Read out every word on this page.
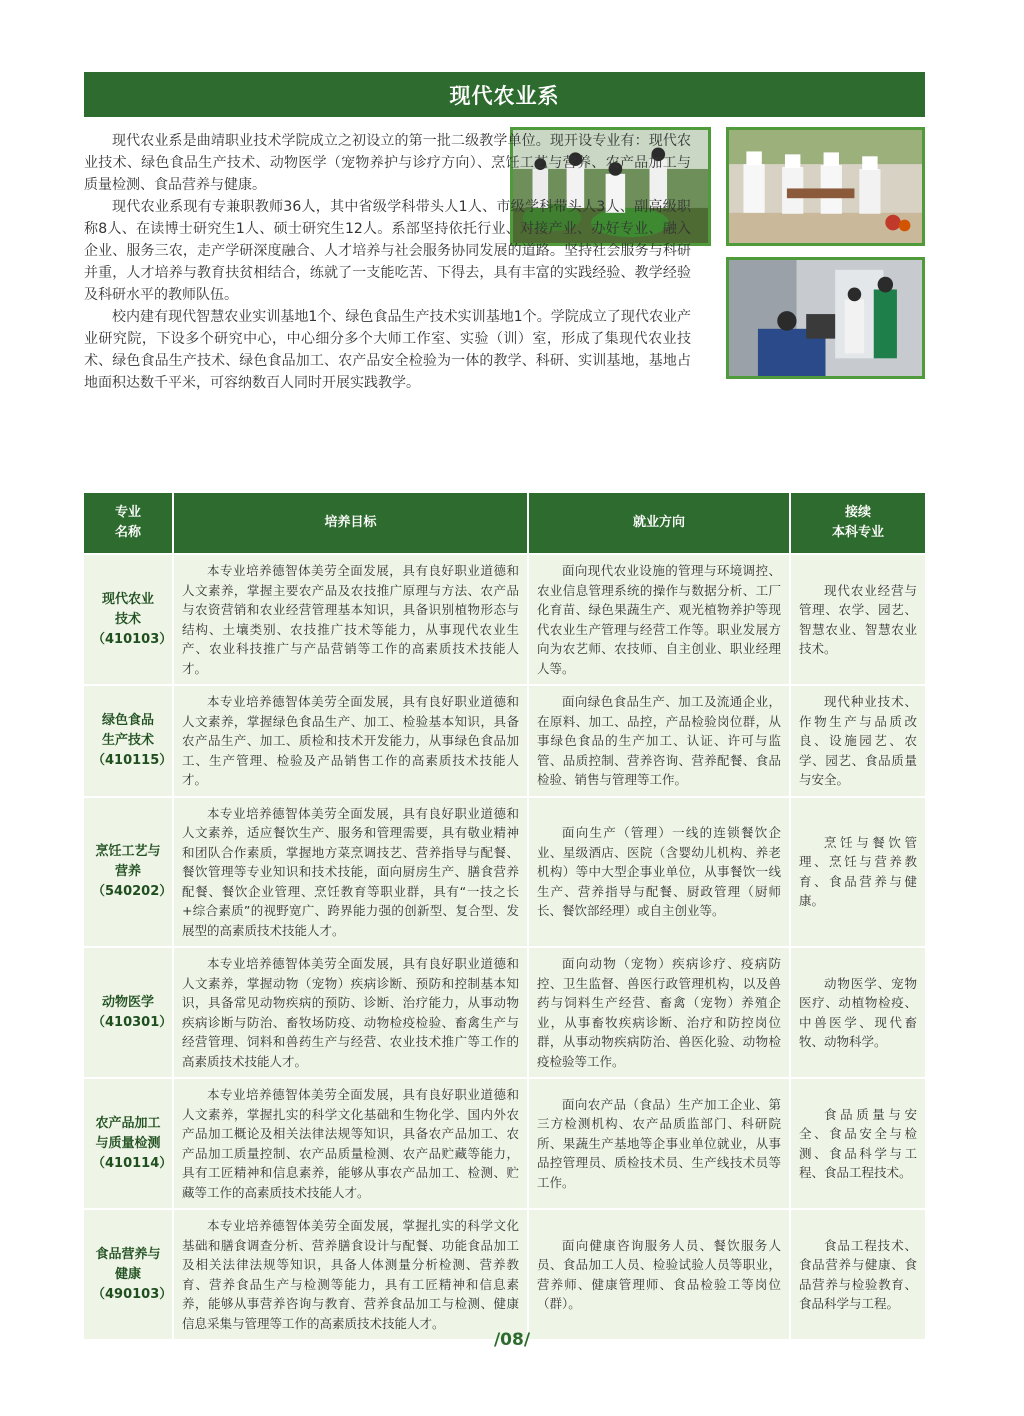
现代农业系

现代农业系是曲靖职业技术学院成立之初设立的第一批二级教学单位。现开设专业有：现代农业技术、绿色食品生产技术、动物医学（宠物养护与诊疗方向）、烹饪工艺与营养、农产品加工与质量检测、食品营养与健康。

现代农业系现有专兼职教师36人，其中省级学科带头人1人、市级学科带头人3人、副高级职称8人、在读博士研究生1人、硕士研究生12人。系部坚持依托行业、对接产业、办好专业、融入企业、服务三农，走产学研深度融合、人才培养与社会服务协同发展的道路。坚持社会服务与科研并重，人才培养与教育扶贫相结合，练就了一支能吃苦、下得去，具有丰富的实践经验、教学经验及科研水平的教师队伍。

校内建有现代智慧农业实训基地1个、绿色食品生产技术实训基地1个。学院成立了现代农业产业研究院，下设多个研究中心，中心细分多个大师工作室、实验（训）室，形成了集现代农业技术、绿色食品生产技术、绿色食品加工、农产品安全检验为一体的教学、科研、实训基地，基地占地面积达数千平米，可容纳数百人同时开展实践教学。

专业
名称	培养目标	就业方向	接续
本科专业
现代农业
技术
（410103）	本专业培养德智体美劳全面发展，具有良好职业道德和人文素养，掌握主要农产品及农技推广原理与方法、农产品与农资营销和农业经营管理基本知识，具备识别植物形态与结构、土壤类别、农技推广技术等能力，从事现代农业生产、农业科技推广与产品营销等工作的高素质技术技能人才。	面向现代农业设施的管理与环境调控、农业信息管理系统的操作与数据分析、工厂化育苗、绿色果蔬生产、观光植物养护等现代农业生产管理与经营工作等。职业发展方向为农艺师、农技师、自主创业、职业经理人等。	现代农业经营与管理、农学、园艺、智慧农业、智慧农业技术。
绿色食品
生产技术
（410115）	本专业培养德智体美劳全面发展，具有良好职业道德和人文素养，掌握绿色食品生产、加工、检验基本知识，具备农产品生产、加工、质检和技术开发能力，从事绿色食品加工、生产管理、检验及产品销售工作的高素质技术技能人才。	面向绿色食品生产、加工及流通企业，在原料、加工、品控，产品检验岗位群，从事绿色食品的生产加工、认证、许可与监管、品质控制、营养咨询、营养配餐、食品检验、销售与管理等工作。	现代种业技术、作物生产与品质改良、设施园艺、农学、园艺、食品质量与安全。
烹饪工艺与
营养
（540202）	本专业培养德智体美劳全面发展，具有良好职业道德和人文素养，适应餐饮生产、服务和管理需要，具有敬业精神和团队合作素质，掌握地方菜烹调技艺、营养指导与配餐、餐饮管理等专业知识和技术技能，面向厨房生产、膳食营养配餐、餐饮企业管理、烹饪教育等职业群，具有“一技之长+综合素质”的视野宽广、跨界能力强的创新型、复合型、发展型的高素质技术技能人才。	面向生产（管理）一线的连锁餐饮企业、星级酒店、医院（含婴幼儿机构、养老机构）等中大型企事业单位，从事餐饮一线生产、营养指导与配餐、厨政管理（厨师长、餐饮部经理）或自主创业等。	烹饪与餐饮管理、烹饪与营养教育、食品营养与健康。
动物医学
（410301）	本专业培养德智体美劳全面发展，具有良好职业道德和人文素养，掌握动物（宠物）疾病诊断、预防和控制基本知识，具备常见动物疾病的预防、诊断、治疗能力，从事动物疾病诊断与防治、畜牧场防疫、动物检疫检验、畜禽生产与经营管理、饲料和兽药生产与经营、农业技术推广等工作的高素质技术技能人才。	面向动物（宠物）疾病诊疗、疫病防控、卫生监督、兽医行政管理机构，以及兽药与饲料生产经营、畜禽（宠物）养殖企业，从事畜牧疾病诊断、治疗和防控岗位群，从事动物疾病防治、兽医化验、动物检疫检验等工作。	动物医学、宠物医疗、动植物检疫、中兽医学、现代畜牧、动物科学。
农产品加工
与质量检测
（410114）	本专业培养德智体美劳全面发展，具有良好职业道德和人文素养，掌握扎实的科学文化基础和生物化学、国内外农产品加工概论及相关法律法规等知识，具备农产品加工、农产品加工质量控制、农产品质量检测、农产品贮藏等能力，具有工匠精神和信息素养，能够从事农产品加工、检测、贮藏等工作的高素质技术技能人才。	面向农产品（食品）生产加工企业、第三方检测机构、农产品质监部门、科研院所、果蔬生产基地等企事业单位就业，从事品控管理员、质检技术员、生产线技术员等工作。	食品质量与安全、食品安全与检测、食品科学与工程、食品工程技术。
食品营养与
健康
（490103）	本专业培养德智体美劳全面发展，掌握扎实的科学文化基础和膳食调查分析、营养膳食设计与配餐、功能食品加工及相关法律法规等知识，具备人体测量分析检测、营养教育、营养食品生产与检测等能力，具有工匠精神和信息素养，能够从事营养咨询与教育、营养食品加工与检测、健康信息采集与管理等工作的高素质技术技能人才。	面向健康咨询服务人员、餐饮服务人员、食品加工人员、检验试验人员等职业，营养师、健康管理师、食品检验工等岗位（群）。	食品工程技术、食品营养与健康、食品营养与检验教育、食品科学与工程。
/08/
